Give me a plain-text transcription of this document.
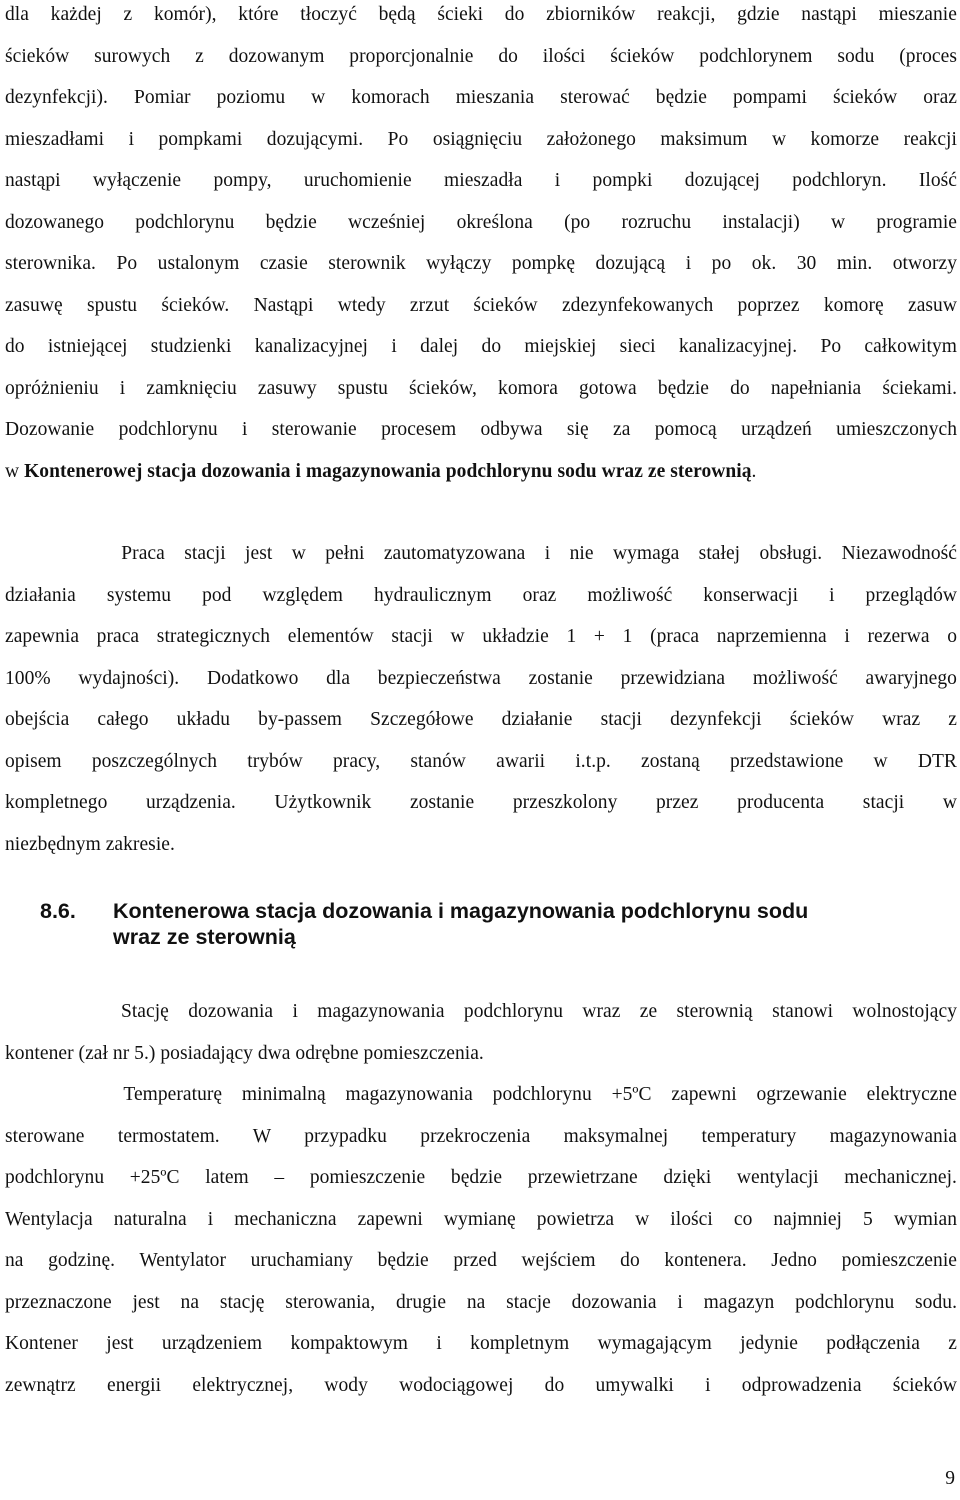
dla każdej z komór), które tłoczyć będą ścieki do zbiorników reakcji, gdzie nastąpi mieszanie
ścieków surowych z dozowanym proporcjonalnie do ilości ścieków podchlorynem sodu (proces
dezynfekcji). Pomiar poziomu w komorach mieszania sterować będzie pompami ścieków oraz
mieszadłami i pompkami dozującymi. Po osiągnięciu założonego maksimum w komorze reakcji
nastąpi wyłączenie pompy, uruchomienie mieszadła i pompki dozującej podchloryn. Ilość
dozowanego podchlorynu będzie wcześniej określona (po rozruchu instalacji) w programie
sterownika. Po ustalonym czasie sterownik wyłączy pompkę dozującą i po ok. 30 min. otworzy
zasuwę spustu ścieków. Nastąpi wtedy zrzut ścieków zdezynfekowanych poprzez komorę zasuw
do istniejącej studzienki kanalizacyjnej i dalej do miejskiej sieci kanalizacyjnej. Po całkowitym
opróżnieniu i zamknięciu zasuwy spustu ścieków, komora gotowa będzie do napełniania ściekami.
Dozowanie podchlorynu i sterowanie procesem odbywa się za pomocą urządzeń umieszczonych
w Kontenerowej stacja dozowania i magazynowania podchlorynu sodu wraz ze sterownią.
Praca stacji jest w pełni zautomatyzowana i nie wymaga stałej obsługi. Niezawodność
działania systemu pod względem hydraulicznym oraz możliwość konserwacji i przeglądów
zapewnia praca strategicznych elementów stacji w układzie 1 + 1 (praca naprzemienna i rezerwa o
100% wydajności). Dodatkowo dla bezpieczeństwa zostanie przewidziana możliwość awaryjnego
obejścia całego układu by-passem Szczegółowe działanie stacji dezynfekcji ścieków wraz z
opisem poszczególnych trybów pracy, stanów awarii i.t.p. zostaną przedstawione w DTR
kompletnego urządzenia. Użytkownik zostanie przeszkolony przez producenta stacji w
niezbędnym zakresie.
8.6. Kontenerowa stacja dozowania i magazynowania podchlorynu sodu
wraz ze sterownią
Stację dozowania i magazynowania podchlorynu wraz ze sterownią stanowi wolnostojący
kontener (zał nr 5.) posiadający dwa odrębne pomieszczenia.
Temperaturę minimalną magazynowania podchlorynu +5ºC zapewni ogrzewanie elektryczne
sterowane termostatem. W przypadku przekroczenia maksymalnej temperatury magazynowania
podchlorynu +25ºC latem – pomieszczenie będzie przewietrzane dzięki wentylacji mechanicznej.
Wentylacja naturalna i mechaniczna zapewni wymianę powietrza w ilości co najmniej 5 wymian
na godzinę. Wentylator uruchamiany będzie przed wejściem do kontenera. Jedno pomieszczenie
przeznaczone jest na stację sterowania, drugie na stacje dozowania i magazyn podchlorynu sodu.
Kontener jest urządzeniem kompaktowym i kompletnym wymagającym jedynie podłączenia z
zewnątrz energii elektrycznej, wody wodociągowej do umywalki i odprowadzenia ścieków
9
